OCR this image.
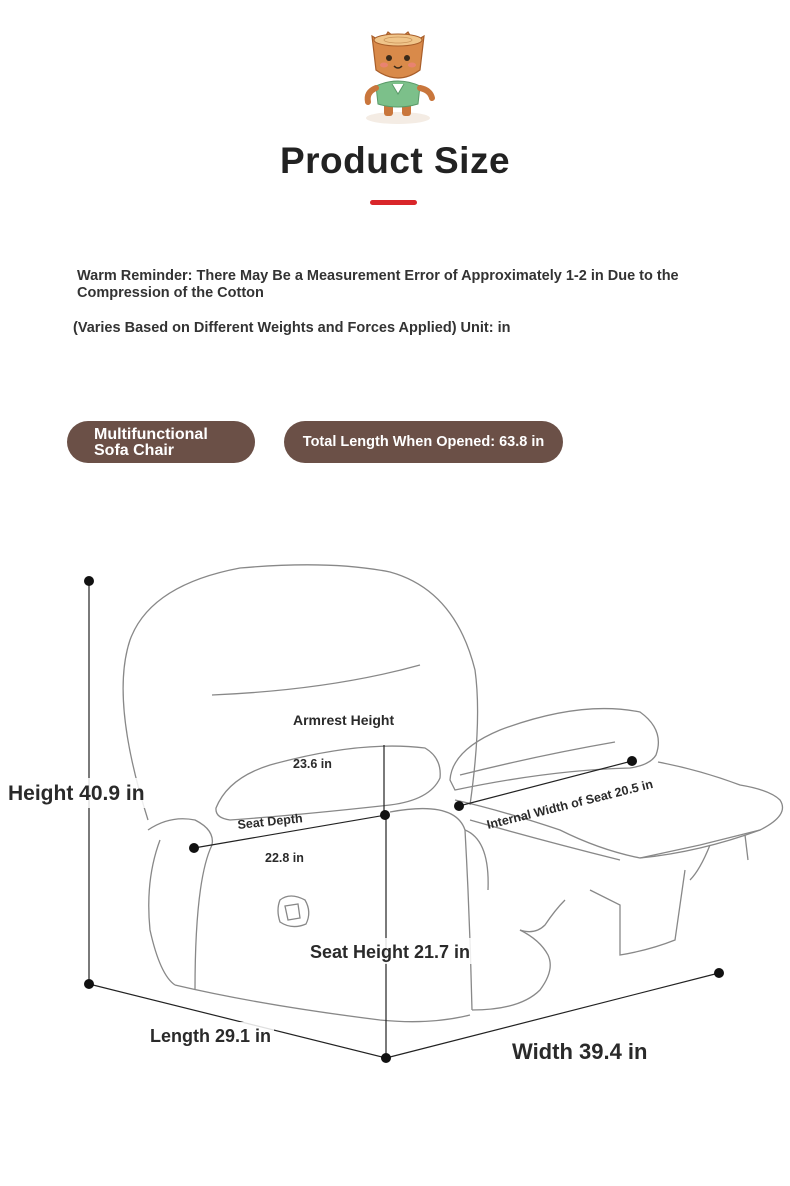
Product Size
Warm Reminder: There May Be a Measurement Error of Approximately 1-2 in Due to the Compression of the Cotton
(Varies Based on Different Weights and Forces Applied) Unit: in
Multifunctional
Sofa Chair	Total Length When Opened: 63.8 in
Height 40.9 in
Armrest Height
23.6 in
Seat Depth
22.8 in
Internal Width of Seat 20.5 in
Seat Height 21.7 in
Length 29.1 in
Width 39.4 in
